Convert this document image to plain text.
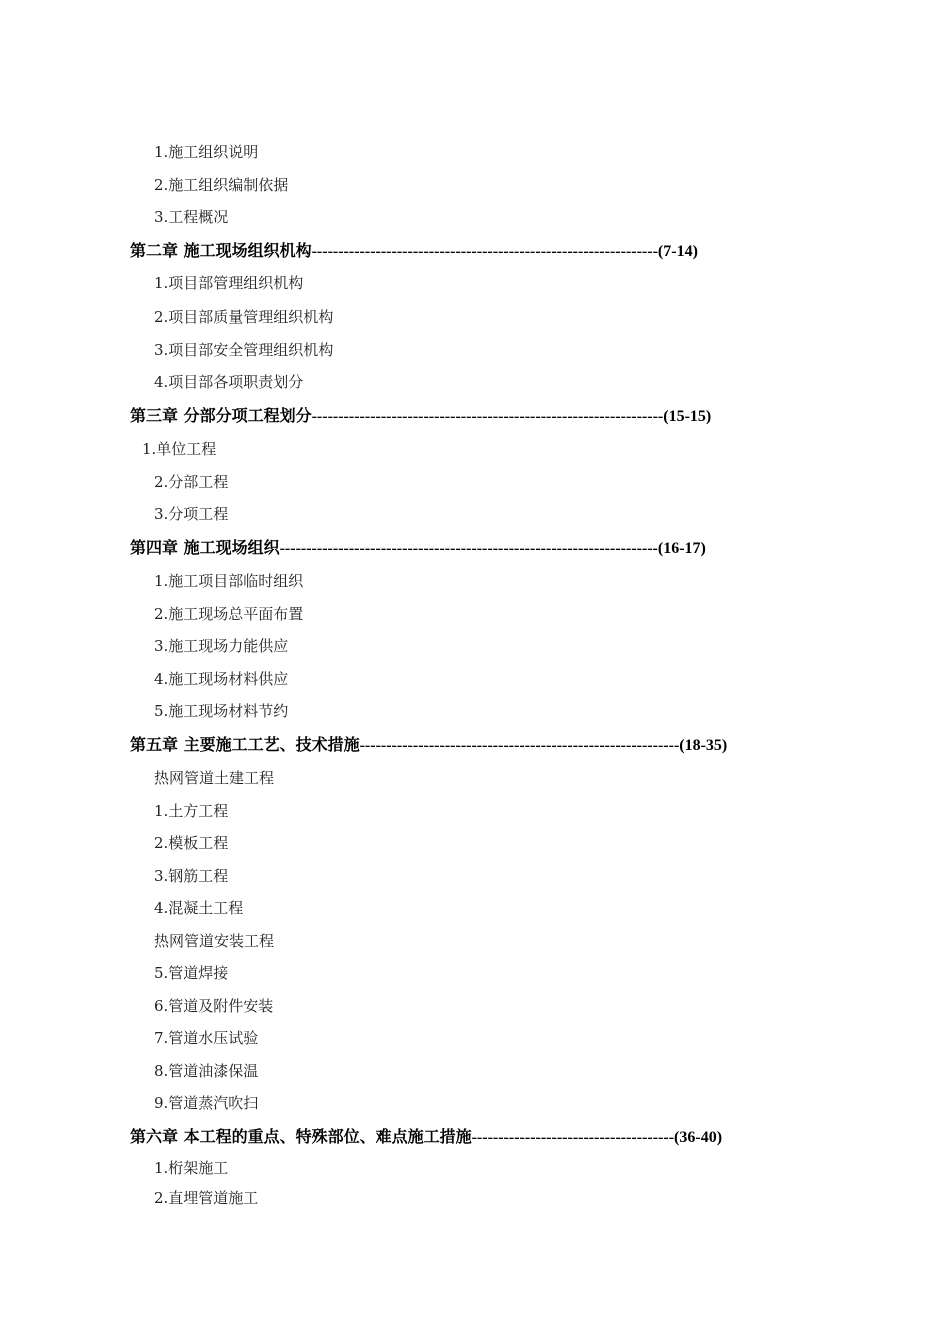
1.施工组织说明
2.施工组织编制依据
3.工程概况
第二章 施工现场组织机构-----------------------------------------------------------------(7-14)
1.项目部管理组织机构
2.项目部质量管理组织机构
3.项目部安全管理组织机构
4.项目部各项职责划分
第三章 分部分项工程划分------------------------------------------------------------------(15-15)
1.单位工程
2.分部工程
3.分项工程
第四章 施工现场组织-----------------------------------------------------------------------(16-17)
1.施工项目部临时组织
2.施工现场总平面布置
3.施工现场力能供应
4.施工现场材料供应
5.施工现场材料节约
第五章 主要施工工艺、技术措施------------------------------------------------------------(18-35)
热网管道土建工程
1.土方工程
2.模板工程
3.钢筋工程
4.混凝土工程
热网管道安装工程
5.管道焊接
6.管道及附件安装
7.管道水压试验
8.管道油漆保温
9.管道蒸汽吹扫
第六章 本工程的重点、特殊部位、难点施工措施--------------------------------------(36-40)
1.桁架施工
2.直埋管道施工
